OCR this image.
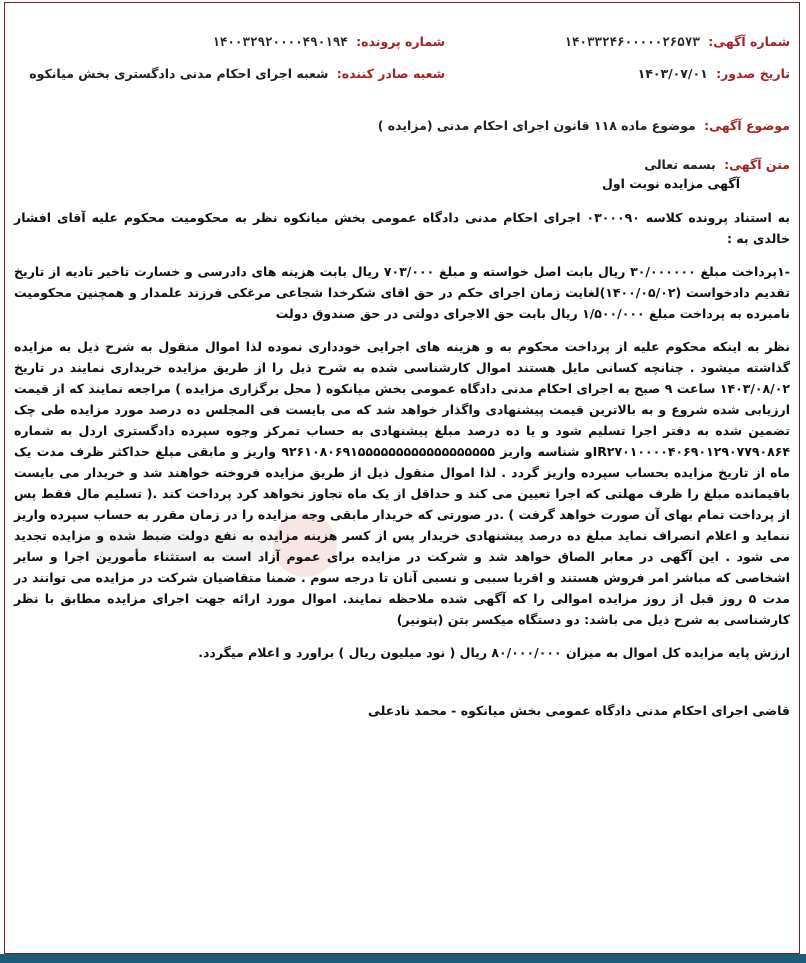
شماره آگهی: ۱۴۰۳۳۲۴۶۰۰۰۰۰۲۶۵۷۳
شماره پرونده: ۱۴۰۰۳۲۹۲۰۰۰۰۴۹۰۱۹۴
تاریخ صدور: ۱۴۰۳/۰۷/۰۱
شعبه صادر کننده: شعبه اجرای احکام مدنی دادگستری بخش میانکوه
موضوع آگهی: موضوع ماده ۱۱۸ قانون اجرای احکام مدنی (مزایده )
متن آگهی: بسمه تعالی
آگهی مزایده نوبت اول

به استناد پرونده کلاسه ۰۳۰۰۰۹۰ اجرای احکام مدنی دادگاه عمومی بخش میانکوه نظر به محکومیت محکوم علیه آقای افشار خالدی به :

-۱پرداخت مبلغ ۳۰/۰۰۰۰۰۰ ریال بابت اصل خواسته و مبلغ ۷۰۳/۰۰۰ ریال بابت هزینه های دادرسی و خسارت تاخیر تادیه از تاریخ تقدیم دادخواست (۱۴۰۰/۰۵/۰۲)لغایت زمان اجرای حکم در حق اقای شکرخدا شجاعی مرغکی فرزند علمدار و همچنین محکومیت نامبرده به پرداخت مبلغ ۱/۵۰۰/۰۰۰ ریال بابت حق الاجرای دولتی در حق صندوق دولت

نظر به اینکه محکوم علیه از پرداخت محکوم به و هزینه های اجرایی خودداری نموده لذا اموال منقول به شرح ذیل به مزایده گذاشته میشود . چنانچه کسانی مایل هستند اموال کارشناسی شده به شرح ذیل را از طریق مزایده خریداری نمایند در تاریخ ۱۴۰۳/۰۸/۰۲ ساعت ۹ صبح به اجرای احکام مدنی دادگاه عمومی بخش میانکوه ( محل برگزاری مزایده ) مراجعه نمایند که از قیمت ارزیابی شده شروع و به بالاترین قیمت پیشنهادی واگذار خواهد شد که می بایست فی المجلس ده درصد مورد مزایده طی چک تضمین شده به دفتر اجرا تسلیم شود و یا ده درصد مبلغ پیشنهادی به حساب تمرکز وجوه سپرده دادگستری اردل به شماره IR۲۷۰۱۰۰۰۰۴۰۶۹۰۱۲۹۰۷۷۹۰۸۶۴و شناسه واریز ۹۲۶۱۰۸۰۶۹۱۵۵۵۵۵۵۵۵۵۵۵۵۵۵۵۵۵۵ واریز و مابقی مبلغ حداکثر ظرف مدت یک ماه از تاریخ مزایده بحساب سپرده واریز گردد . لذا اموال منقول ذیل از طریق مزایده فروخته خواهند شد و خریدار می بایست باقیمانده مبلغ را ظرف مهلتی که اجرا تعیین می کند و حداقل از یک ماه تجاوز نخواهد کرد پرداخت کند .( تسلیم مال فقط پس از پرداخت تمام بهای آن صورت خواهد گرفت ) .در صورتی که خریدار مابقی وجه مزایده را در زمان مقرر به حساب سپرده واریز ننماید و اعلام انصراف نماید مبلغ ده درصد پیشنهادی خریدار پس از کسر هزینه مزایده به نفع دولت ضبط شده و مزایده تجدید می شود . این آگهی در معابر الصاق خواهد شد و شرکت در مزایده برای عموم آزاد است به استثناء مأمورین اجرا و سایر اشخاصی که مباشر امر فروش هستند و اقربا سببی و نسبی آنان تا درجه سوم . ضمنا متقاضیان شرکت در مزایده می توانند در مدت ۵ روز قبل از روز مزایده اموالی را که آگهی شده ملاحظه نمایند. اموال مورد ارائه جهت اجرای مزایده مطابق با نظر کارشناسی به شرح ذیل می باشد: دو دستگاه میکسر بتن (بتونیر)

ارزش پایه مزایده کل اموال به میزان ۸۰/۰۰۰/۰۰۰ ریال ( نود میلیون ریال ) براورد و اعلام میگردد.

قاضی اجرای احکام مدنی دادگاه عمومی بخش میانکوه - محمد نادعلی
